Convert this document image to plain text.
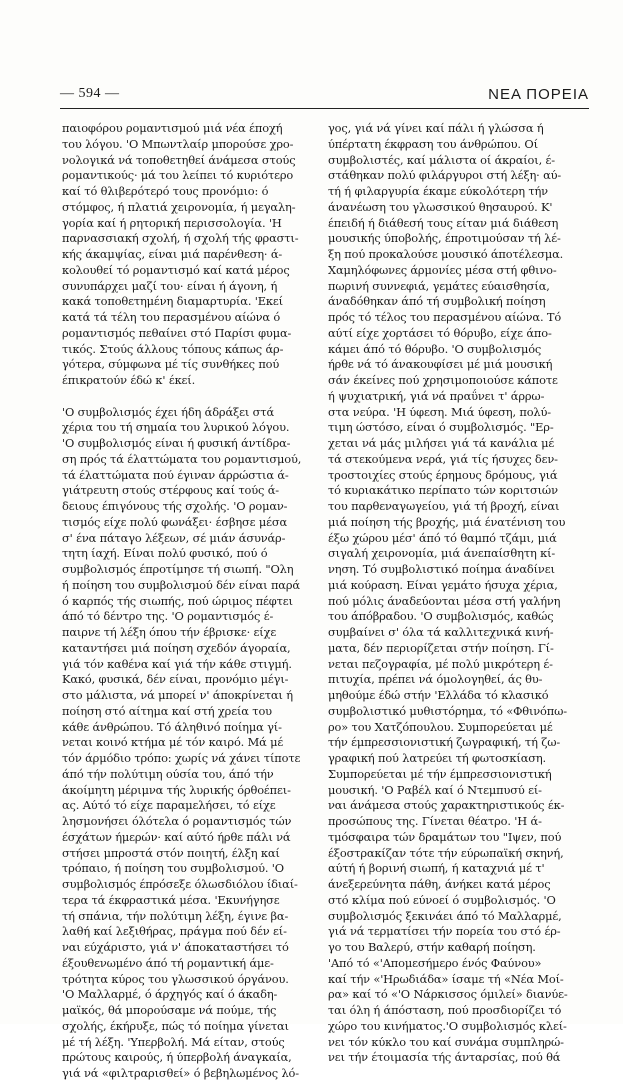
— 594 —	ΝΕΑ ΠΟΡΕΙΑ
παιοφόρου ρομαντισμού μιά νέα έποχή
του λόγου. 'Ο Μπωντλαίρ μπορούσε χρο-
νολογικά νά τοποθετηθεί άνάμεσα στούς
ρομαντικούς· μά του λείπει τό κυριότερο
καί τό θλιβερότερό τους προνόμιο: ό
στόμφος, ή πλατιά χειρονομία, ή μεγαλη-
γορία καί ή ρητορική περισσολογία. 'Η
παρνασσιακή σχολή, ή σχολή τής φραστι-
κής άκαμψίας, είναι μιά παρένθεση· ά-
κολουθεί τό ρομαντισμό καί κατά μέρος
συνυπάρχει μαζί του· είναι ή άγονη, ή
κακά τοποθετημένη διαμαρτυρία. 'Εκεί
κατά τά τέλη του περασμένου αίώνα ό
ρομαντισμός πεθαίνει στό Παρίσι φυμα-
τικός. Στούς άλλους τόπους κάπως άρ-
γότερα, σύμφωνα μέ τίς συνθήκες πού
έπικρατούν έδώ κ' έκεί.
'Ο συμβολισμός έχει ήδη άδράξει στά
χέρια του τή σημαία του λυρικού λόγου.
'Ο συμβολισμός είναι ή φυσική άντίδρα-
ση πρός τά έλαττώματα του ρομαντισμού,
τά έλαττώματα πού έγιναν άρρώστια ά-
γιάτρευτη στούς στέρφους καί τούς ά-
δειους έπιγόνους τής σχολής. 'Ο ρομαν-
τισμός είχε πολύ φωνάξει· έσβησε μέσα
σ' ένα πάταγο λέξεων, σέ μιάν άσυνάρ-
τητη ίαχή. Είναι πολύ φυσικό, πού ό
συμβολισμός έπροτίμησε τή σιωπή. "Ολη
ή ποίηση του συμβολισμού δέν είναι παρά
ό καρπός τής σιωπής, πού ώριμος πέφτει
άπό τό δέντρο της. 'Ο ρομαντισμός έ-
παιρνε τή λέξη όπου τήν έβρισκε· είχε
καταντήσει μιά ποίηση σχεδόν άγοραία,
γιά τόν καθένα καί γιά τήν κάθε στιγμή.
Κακό, φυσικά, δέν είναι, προνόμιο μέγι-
στο μάλιστα, νά μπορεί ν' άποκρίνεται ή
ποίηση στό αίτημα καί στή χρεία του
κάθε άνθρώπου. Τό άληθινό ποίημα γί-
νεται κοινό κτήμα μέ τόν καιρό. Μά μέ
τόν άρμόδιο τρόπο: χωρίς νά χάνει τίποτε
άπό τήν πολύτιμη ούσία του, άπό τήν
άκοίμητη μέριμνα τής λυρικής όρθοέπει-
ας. Αύτό τό είχε παραμελήσει, τό είχε
λησμονήσει όλότελα ό ρομαντισμός τών
έσχάτων ήμερών· καί αύτό ήρθε πάλι νά
στήσει μπροστά στόν ποιητή, έλξη καί
τρόπαιο, ή ποίηση του συμβολισμού. 'Ο
συμβολισμός έπρόσεξε όλωσδιόλου ίδιαί-
τερα τά έκφραστικά μέσα. 'Εκυνήγησε
τή σπάνια, τήν πολύτιμη λέξη, έγινε βα-
λαθή καί λεξιθήρας, πράγμα πού δέν εί-
ναι εύχάριστο, γιά ν' άποκαταστήσει τό
έξουθενωμένο άπό τή ρομαντική άμε-
τρότητα κύρος του γλωσσικού όργάνου.
'Ο Μαλλαρμέ, ό άρχηγός καί ό άκαδη-
μαϊκός, θά μπορούσαμε νά πούμε, τής
σχολής, έκήρυξε, πώς τό ποίημα γίνεται
μέ τή λέξη. 'Υπερβολή. Μά είταν, στούς
πρώτους καιρούς, ή ύπερβολή άναγκαία,
γιά νά «φιλτραρισθεί» ό βεβηλωμένος λό-
γος, γιά νά γίνει καί πάλι ή γλώσσα ή
ύπέρτατη έκφραση του άνθρώπου. Οί
συμβολιστές, καί μάλιστα οί άκραίοι, έ-
στάθηκαν πολύ φιλάργυροι στή λέξη· αύ-
τή ή φιλαργυρία έκαμε εύκολότερη τήν
άνανέωση του γλωσσικού θησαυρού. Κ'
έπειδή ή διάθεσή τους είταν μιά διάθεση
μουσικής ύποβολής, έπροτιμούσαν τή λέ-
ξη πού προκαλούσε μουσικό άποτέλεσμα.
Χαμηλόφωνες άρμονίες μέσα στή φθινο-
πωρινή συννεφιά, γεμάτες εύαισθησία,
άναδόθηκαν άπό τή συμβολική ποίηση
πρός τό τέλος του περασμένου αίώνα. Τό
αύτί είχε χορτάσει τό θόρυβο, είχε άπο-
κάμει άπό τό θόρυβο. 'Ο συμβολισμός
ήρθε νά τό άνακουφίσει μέ μιά μουσική
σάν έκείνες πού χρησιμοποιούσε κάποτε
ή ψυχιατρική, γιά νά πραΰνει τ' άρρω-
στα νεύρα. 'Η ύφεση. Μιά ύφεση, πολύ-
τιμη ώστόσο, είναι ό συμβολισμός. "Ερ-
χεται νά μάς μιλήσει γιά τά κανάλια μέ
τά στεκούμενα νερά, γιά τίς ήσυχες δεν-
τροστοιχίες στούς έρημους δρόμους, γιά
τό κυριακάτικο περίπατο τών κοριτσιών
του παρθεναγωγείου, γιά τή βροχή, είναι
μιά ποίηση τής βροχής, μιά ένατένιση του
έξω χώρου μέσ' άπό τό θαμπό τζάμι, μιά
σιγαλή χειρονομία, μιά άνεπαίσθητη κί-
νηση. Τό συμβολιστικό ποίημα άναδίνει
μιά κούραση. Είναι γεμάτο ήσυχα χέρια,
πού μόλις άναδεύονται μέσα στή γαλήνη
του άπόβραδου. 'Ο συμβολισμός, καθώς
συμβαίνει σ' όλα τά καλλιτεχνικά κινή-
ματα, δέν περιορίζεται στήν ποίηση. Γί-
νεται πεζογραφία, μέ πολύ μικρότερη έ-
πιτυχία, πρέπει νά όμολογηθεί, άς θυ-
μηθούμε έδώ στήν 'Ελλάδα τό κλασικό
συμβολιστικό μυθιστόρημα, τό «Φθινόπω-
ρο» του Χατζόπουλου. Συμπορεύεται μέ
τήν έμπρεσσιονιστική ζωγραφική, τή ζω-
γραφική πού λατρεύει τή φωτοσκίαση.
Συμπορεύεται μέ τήν έμπρεσσιονιστική
μουσική. 'Ο Ραβέλ καί ό Ντεμπυσύ εί-
ναι άνάμεσα στούς χαρακτηριστικούς έκ-
προσώπους της. Γίνεται θέατρο. 'Η ά-
τμόσφαιρα τών δραμάτων του "Ιψεν, πού
έξοστρακίζαν τότε τήν εύρωπαϊκή σκηνή,
αύτή ή βορινή σιωπή, ή καταχνιά μέ τ'
άνεξερεύνητα πάθη, άνήκει κατά μέρος
στό κλίμα πού εύνοεί ό συμβολισμός. 'Ο
συμβολισμός ξεκινάει άπό τό Μαλλαρμέ,
γιά νά τερματίσει τήν πορεία του στό έρ-
γο του Βαλερύ, στήν καθαρή ποίηση.
'Από τό «'Απομεσήμερο ένός Φαύνου»
καί τήν «'Ηρωδιάδα» ίσαμε τή «Νέα Μοί-
ρα» καί τό «'Ο Νάρκισσος όμιλεί» διανύε-
ται όλη ή άπόσταση, πού προσδιορίζει τό
χώρο του κινήματος.'Ο συμβολισμός κλεί-
νει τόν κύκλο του καί συνάμα συμπληρώ-
νει τήν έτοιμασία τής άνταρσίας, πού θά
